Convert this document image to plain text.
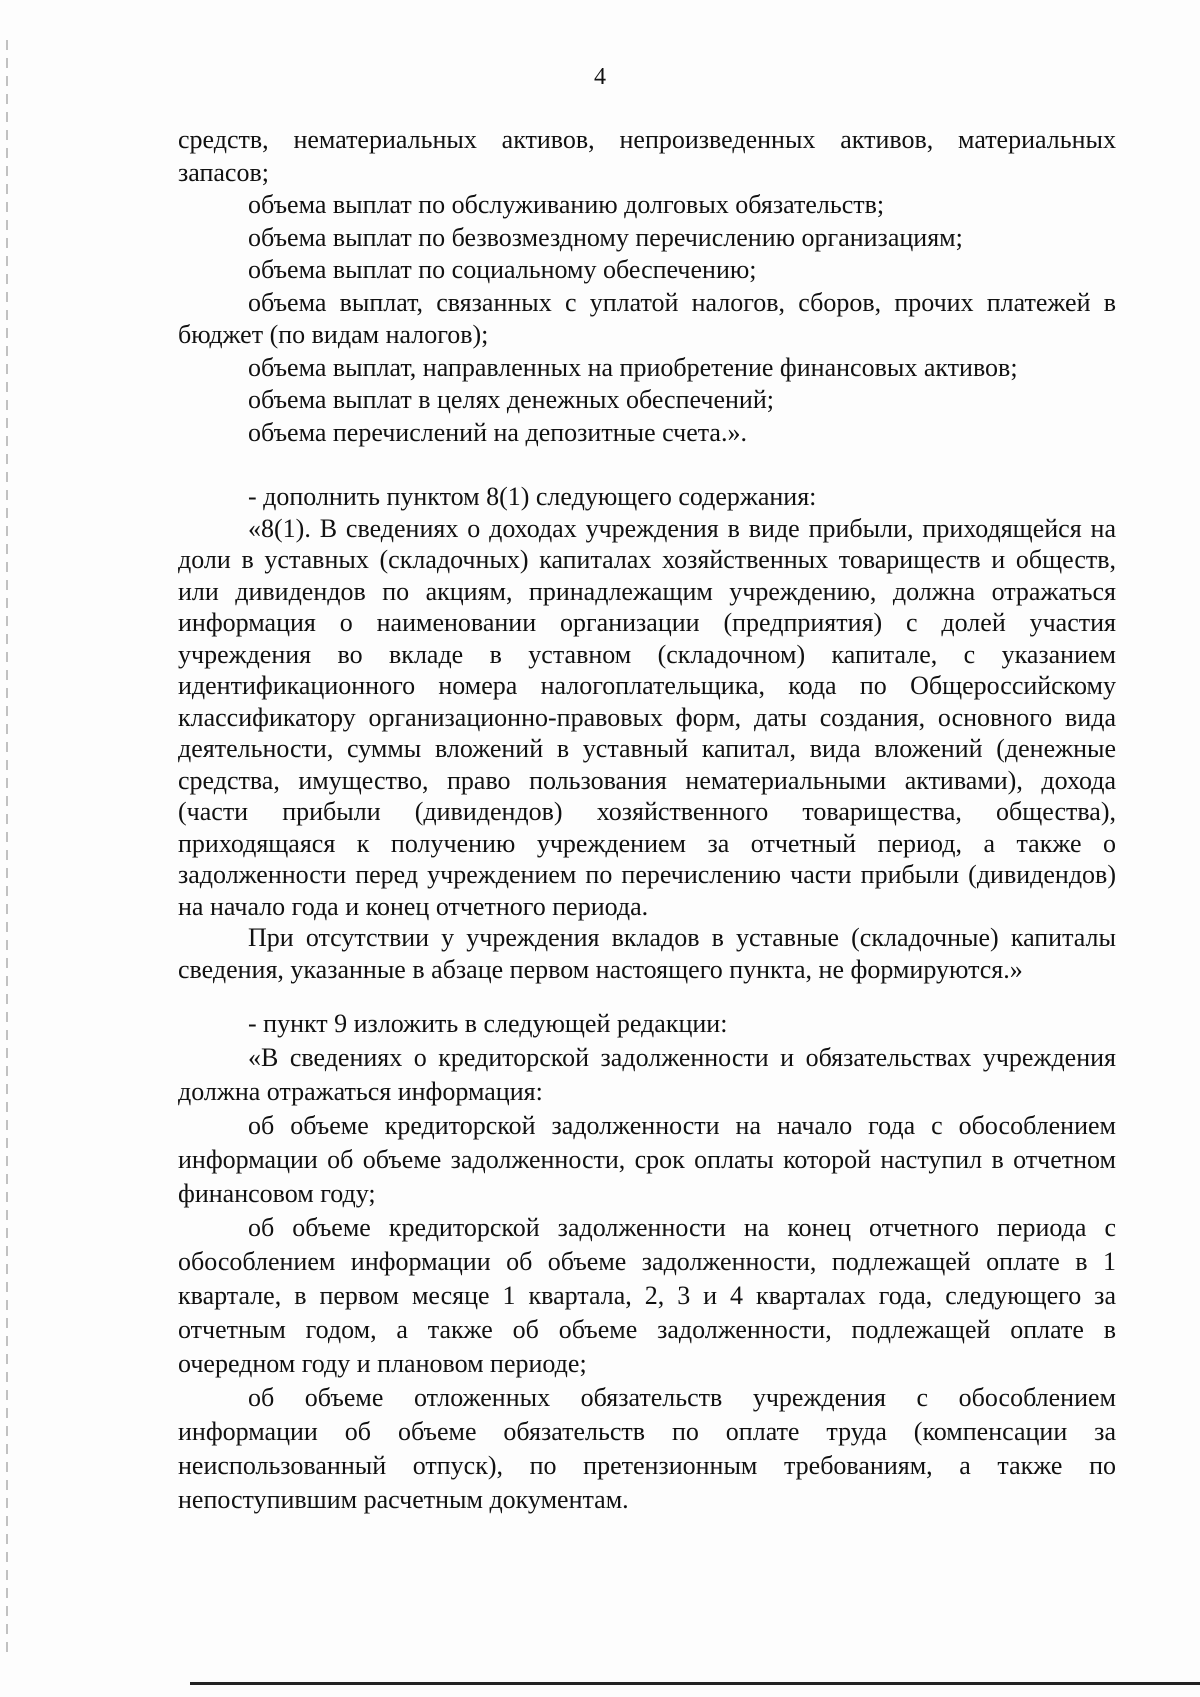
4

средств, нематериальных активов, непроизведенных активов, материальных запасов;

объема выплат по обслуживанию долговых обязательств;

объема выплат по безвозмездному перечислению организациям;

объема выплат по социальному обеспечению;

объема выплат, связанных с уплатой налогов, сборов, прочих платежей в бюджет (по видам налогов);

объема выплат, направленных на приобретение финансовых активов;

объема выплат в целях денежных обеспечений;

объема перечислений на депозитные счета.».

- дополнить пунктом 8(1) следующего содержания:

«8(1). В сведениях о доходах учреждения в виде прибыли, приходящейся на доли в уставных (складочных) капиталах хозяйственных товариществ и обществ, или дивидендов по акциям, принадлежащим учреждению, должна отражаться информация о наименовании организации (предприятия) с долей участия учреждения во вкладе в уставном (складочном) капитале, с указанием идентификационного номера налогоплательщика, кода по Общероссийскому классификатору организационно-правовых форм, даты создания, основного вида деятельности, суммы вложений в уставный капитал, вида вложений (денежные средства, имущество, право пользования нематериальными активами), дохода (части прибыли (дивидендов) хозяйственного товарищества, общества), приходящаяся к получению учреждением за отчетный период, а также о задолженности перед учреждением по перечислению части прибыли (дивидендов) на начало года и конец отчетного периода.

При отсутствии у учреждения вкладов в уставные (складочные) капиталы сведения, указанные в абзаце первом настоящего пункта, не формируются.»

- пункт 9 изложить в следующей редакции:

«В сведениях о кредиторской задолженности и обязательствах учреждения должна отражаться информация:

об объеме кредиторской задолженности на начало года с обособлением информации об объеме задолженности, срок оплаты которой наступил в отчетном финансовом году;

об объеме кредиторской задолженности на конец отчетного периода с обособлением информации об объеме задолженности, подлежащей оплате в 1 квартале, в первом месяце 1 квартала, 2, 3 и 4 кварталах года, следующего за отчетным годом, а также об объеме задолженности, подлежащей оплате в очередном году и плановом периоде;

об объеме отложенных обязательств учреждения с обособлением информации об объеме обязательств по оплате труда (компенсации за неиспользованный отпуск), по претензионным требованиям, а также по непоступившим расчетным документам.
